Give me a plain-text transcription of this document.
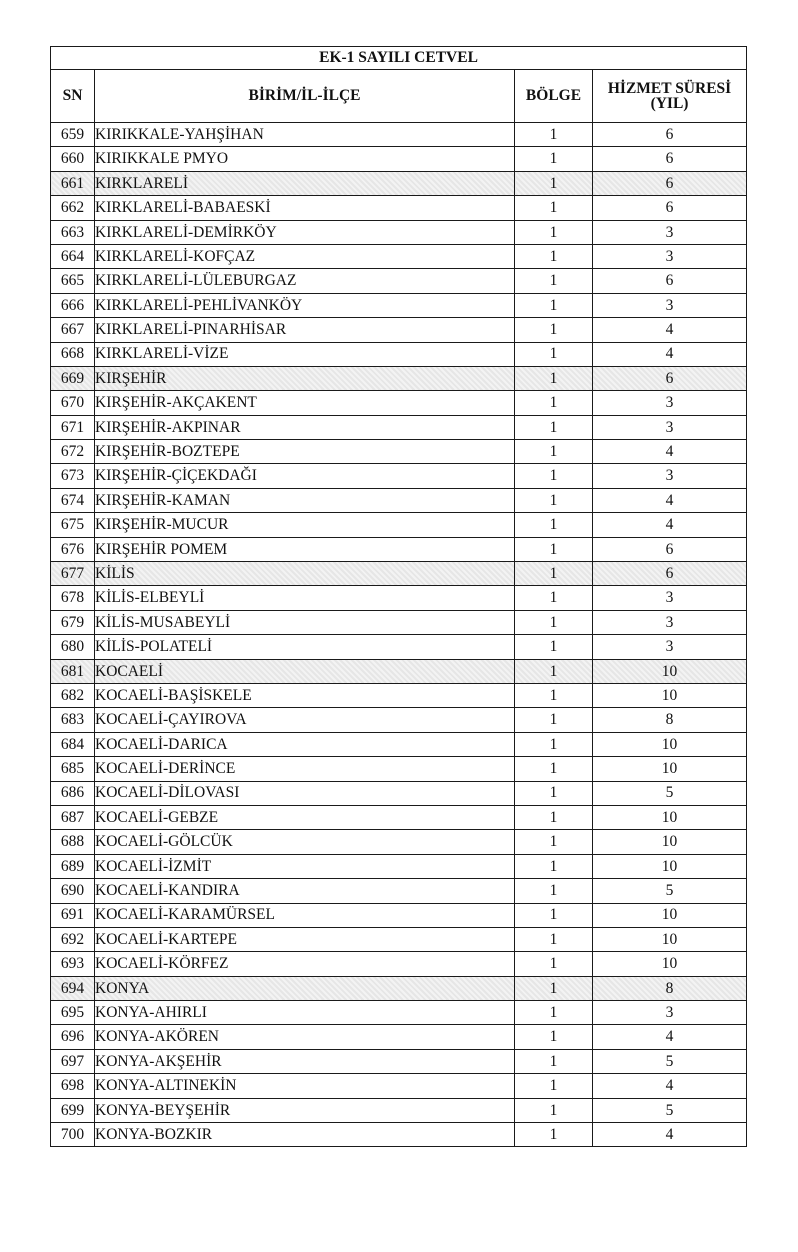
EK-1 SAYILI CETVEL			
SN	BİRİM/İL-İLÇE	BÖLGE	HİZMET SÜRESİ
(YIL)
659	KIRIKKALE-YAHŞİHAN	1	6
660	KIRIKKALE PMYO	1	6
661	KIRKLARELİ	1	6
662	KIRKLARELİ-BABAESKİ	1	6
663	KIRKLARELİ-DEMİRKÖY	1	3
664	KIRKLARELİ-KOFÇAZ	1	3
665	KIRKLARELİ-LÜLEBURGAZ	1	6
666	KIRKLARELİ-PEHLİVANKÖY	1	3
667	KIRKLARELİ-PINARHİSAR	1	4
668	KIRKLARELİ-VİZE	1	4
669	KIRŞEHİR	1	6
670	KIRŞEHİR-AKÇAKENT	1	3
671	KIRŞEHİR-AKPINAR	1	3
672	KIRŞEHİR-BOZTEPE	1	4
673	KIRŞEHİR-ÇİÇEKDAĞI	1	3
674	KIRŞEHİR-KAMAN	1	4
675	KIRŞEHİR-MUCUR	1	4
676	KIRŞEHİR POMEM	1	6
677	KİLİS	1	6
678	KİLİS-ELBEYLİ	1	3
679	KİLİS-MUSABEYLİ	1	3
680	KİLİS-POLATELİ	1	3
681	KOCAELİ	1	10
682	KOCAELİ-BAŞİSKELE	1	10
683	KOCAELİ-ÇAYIROVA	1	8
684	KOCAELİ-DARICA	1	10
685	KOCAELİ-DERİNCE	1	10
686	KOCAELİ-DİLOVASI	1	5
687	KOCAELİ-GEBZE	1	10
688	KOCAELİ-GÖLCÜK	1	10
689	KOCAELİ-İZMİT	1	10
690	KOCAELİ-KANDIRA	1	5
691	KOCAELİ-KARAMÜRSEL	1	10
692	KOCAELİ-KARTEPE	1	10
693	KOCAELİ-KÖRFEZ	1	10
694	KONYA	1	8
695	KONYA-AHIRLI	1	3
696	KONYA-AKÖREN	1	4
697	KONYA-AKŞEHİR	1	5
698	KONYA-ALTINEKİN	1	4
699	KONYA-BEYŞEHİR	1	5
700	KONYA-BOZKIR	1	4
